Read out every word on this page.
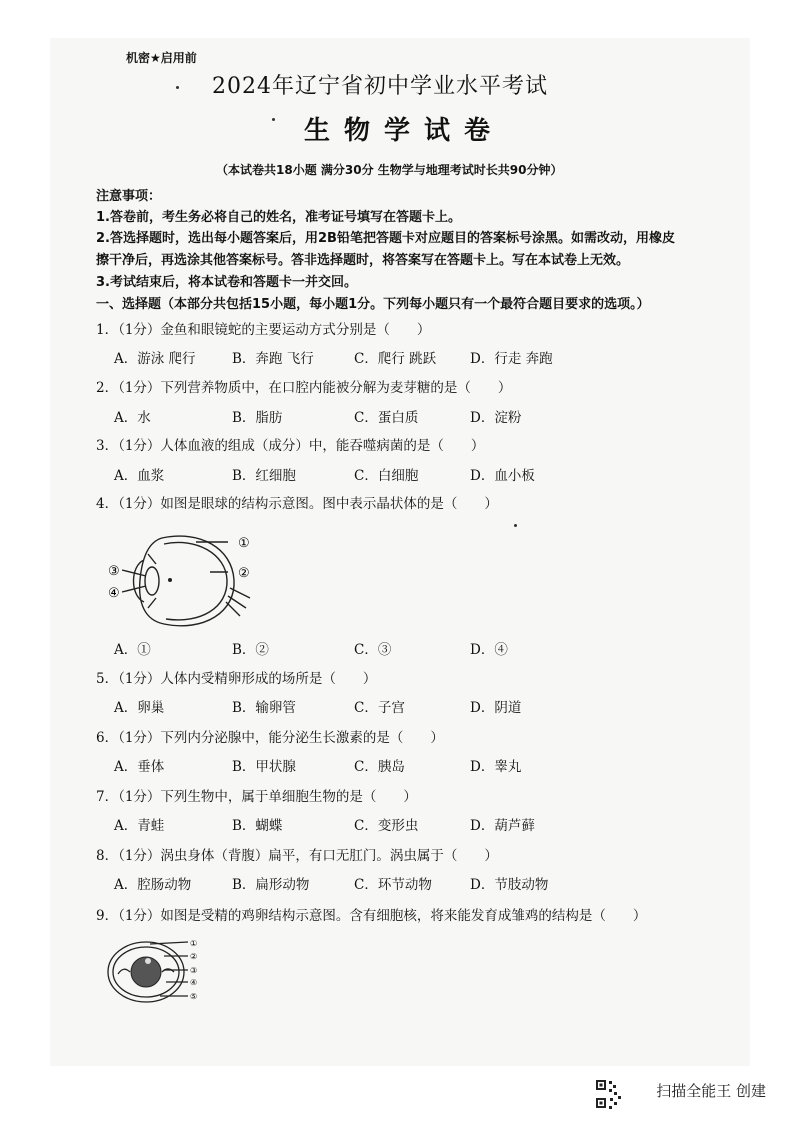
机密★启用前
2024年辽宁省初中学业水平考试
生物学试卷
（本试卷共18小题 满分30分 生物学与地理考试时长共90分钟）
注意事项：
1.答卷前，考生务必将自己的姓名，准考证号填写在答题卡上。
2.答选择题时，选出每小题答案后，用2B铅笔把答题卡对应题目的答案标号涂黑。如需改动，用橡皮
擦干净后，再选涂其他答案标号。答非选择题时，将答案写在答题卡上。写在本试卷上无效。
3.考试结束后，将本试卷和答题卡一并交回。
一、选择题（本部分共包括15小题，每小题1分。下列每小题只有一个最符合题目要求的选项。）
1．（1分）金鱼和眼镜蛇的主要运动方式分别是（　　）
A．游泳 爬行	B．奔跑 飞行	C．爬行 跳跃	D．行走 奔跑
2．（1分）下列营养物质中，在口腔内能被分解为麦芽糖的是（　　）
A．水	B．脂肪	C．蛋白质	D．淀粉
3．（1分）人体血液的组成（成分）中，能吞噬病菌的是（　　）
A．血浆	B．红细胞	C．白细胞	D．血小板
4．（1分）如图是眼球的结构示意图。图中表示晶状体的是（　　）
①
②
③
④
A．①	B．②	C．③	D．④
5．（1分）人体内受精卵形成的场所是（　　）
A．卵巢	B．输卵管	C．子宫	D．阴道
6．（1分）下列内分泌腺中，能分泌生长激素的是（　　）
A．垂体	B．甲状腺	C．胰岛	D．睾丸
7．（1分）下列生物中，属于单细胞生物的是（　　）
A．青蛙	B．蝴蝶	C．变形虫	D．葫芦藓
8．（1分）涡虫身体（背腹）扁平，有口无肛门。涡虫属于（　　）
A．腔肠动物	B．扁形动物	C．环节动物	D．节肢动物
9．（1分）如图是受精的鸡卵结构示意图。含有细胞核，将来能发育成雏鸡的结构是（　　）
①
②
③
④
⑤
扫描全能王 创建
